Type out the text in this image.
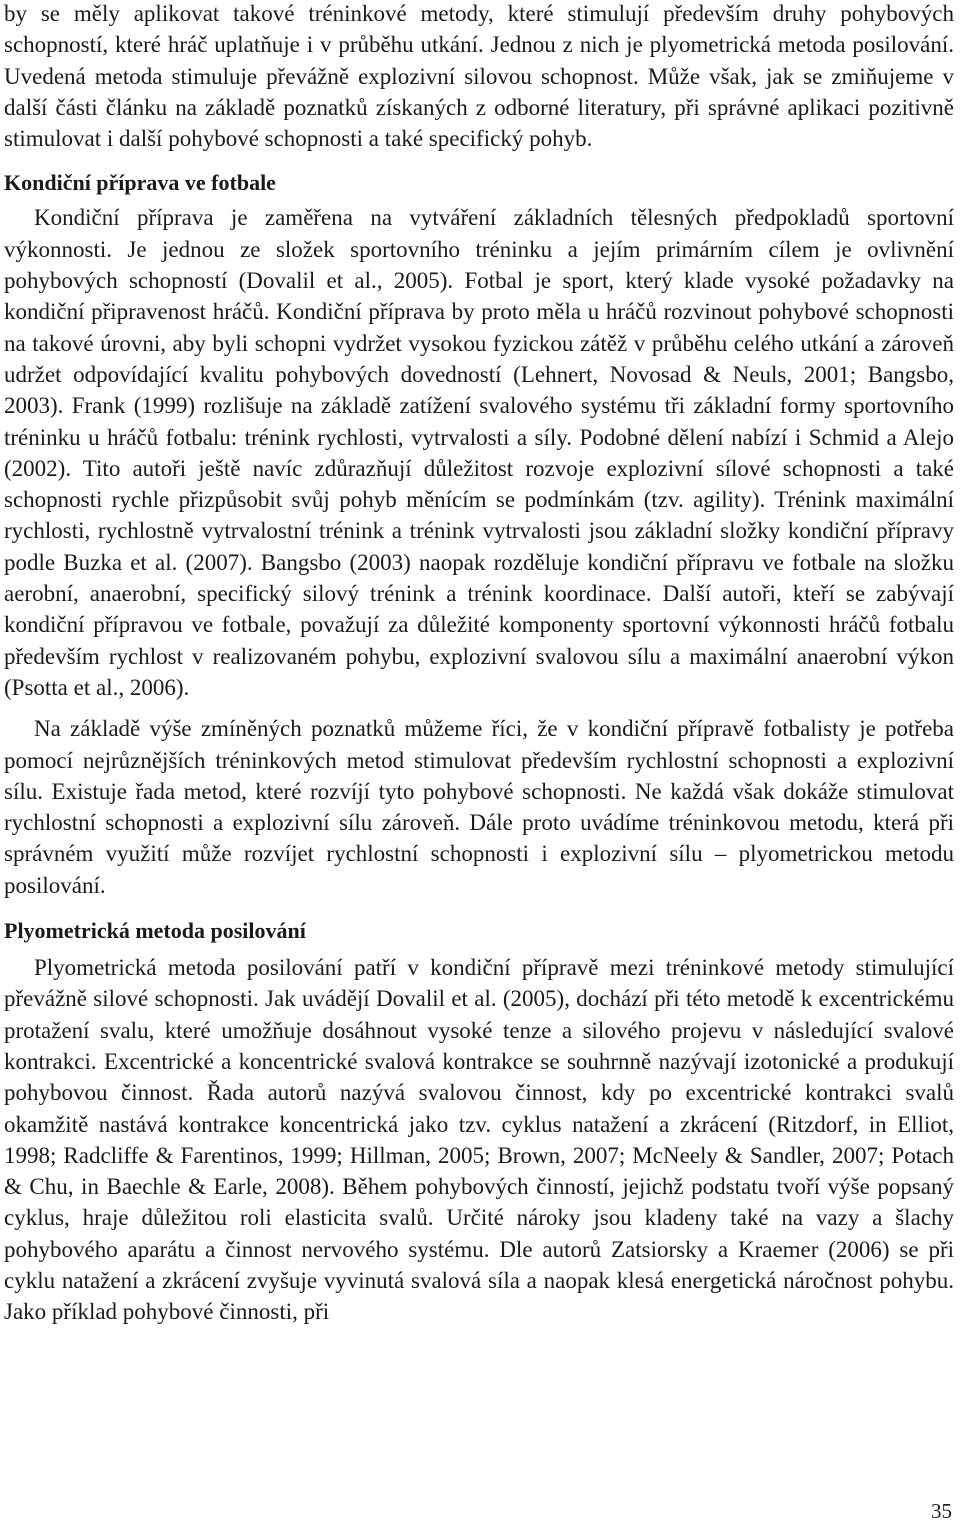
by se měly aplikovat takové tréninkové metody, které stimulují především druhy pohybových schopností, které hráč uplatňuje i v průběhu utkání. Jednou z nich je plyometrická metoda posilování. Uvedená metoda stimuluje převážně explozivní silovou schopnost. Může však, jak se zmiňujeme v další části článku na základě poznatků získaných z odborné literatury, při správné aplikaci pozitivně stimulovat i další pohybové schopnosti a také specifický pohyb.

Kondiční příprava ve fotbale

Kondiční příprava je zaměřena na vytváření základních tělesných předpokladů sportovní výkonnosti. Je jednou ze složek sportovního tréninku a jejím primárním cílem je ovlivnění pohybových schopností (Dovalil et al., 2005). Fotbal je sport, který klade vysoké požadavky na kondiční připravenost hráčů. Kondiční příprava by proto měla u hráčů rozvinout pohybové schopnosti na takové úrovni, aby byli schopni vydržet vysokou fyzickou zátěž v průběhu celého utkání a zároveň udržet odpovídající kvalitu pohybových dovedností (Lehnert, Novosad & Neuls, 2001; Bangsbo, 2003). Frank (1999) rozlišuje na základě zatížení svalového systému tři základní formy sportovního tréninku u hráčů fotbalu: trénink rychlosti, vytrvalosti a síly. Podobné dělení nabízí i Schmid a Alejo (2002). Tito autoři ještě navíc zdůrazňují důležitost rozvoje explozivní sílové schopnosti a také schopnosti rychle přizpůsobit svůj pohyb měnícím se podmínkám (tzv. agility). Trénink maximální rychlosti, rychlostně vytrvalostní trénink a trénink vytrvalosti jsou základní složky kondiční přípravy podle Buzka et al. (2007). Bangsbo (2003) naopak rozděluje kondiční přípravu ve fotbale na složku aerobní, anaerobní, specifický silový trénink a trénink koordinace. Další autoři, kteří se zabývají kondiční přípravou ve fotbale, považují za důležité komponenty sportovní výkonnosti hráčů fotbalu především rychlost v realizovaném pohybu, explozivní svalovou sílu a maximální anaerobní výkon (Psotta et al., 2006).

Na základě výše zmíněných poznatků můžeme říci, že v kondiční přípravě fotbalisty je potřeba pomocí nejrůznějších tréninkových metod stimulovat především rychlostní schopnosti a explozivní sílu. Existuje řada metod, které rozvíjí tyto pohybové schopnosti. Ne každá však dokáže stimulovat rychlostní schopnosti a explozivní sílu zároveň. Dále proto uvádíme tréninkovou metodu, která při správném využití může rozvíjet rychlostní schopnosti i explozivní sílu – plyometrickou metodu posilování.

Plyometrická metoda posilování

Plyometrická metoda posilování patří v kondiční přípravě mezi tréninkové metody stimulující převážně silové schopnosti. Jak uvádějí Dovalil et al. (2005), dochází při této metodě k excentrickému protažení svalu, které umožňuje dosáhnout vysoké tenze a silového projevu v následující svalové kontrakci. Excentrické a koncentrické svalová kontrakce se souhrnně nazývají izotonické a produkují pohybovou činnost. Řada autorů nazývá svalovou činnost, kdy po excentrické kontrakci svalů okamžitě nastává kontrakce koncentrická jako tzv. cyklus natažení a zkrácení (Ritzdorf, in Elliot, 1998; Radcliffe & Farentinos, 1999; Hillman, 2005; Brown, 2007; McNeely & Sandler, 2007; Potach & Chu, in Baechle & Earle, 2008). Během pohybových činností, jejichž podstatu tvoří výše popsaný cyklus, hraje důležitou roli elasticita svalů. Určité nároky jsou kladeny také na vazy a šlachy pohybového aparátu a činnost nervového systému. Dle autorů Zatsiorsky a Kraemer (2006) se při cyklu natažení a zkrácení zvyšuje vyvinutá svalová síla a naopak klesá energetická náročnost pohybu. Jako příklad pohybové činnosti, při

35
